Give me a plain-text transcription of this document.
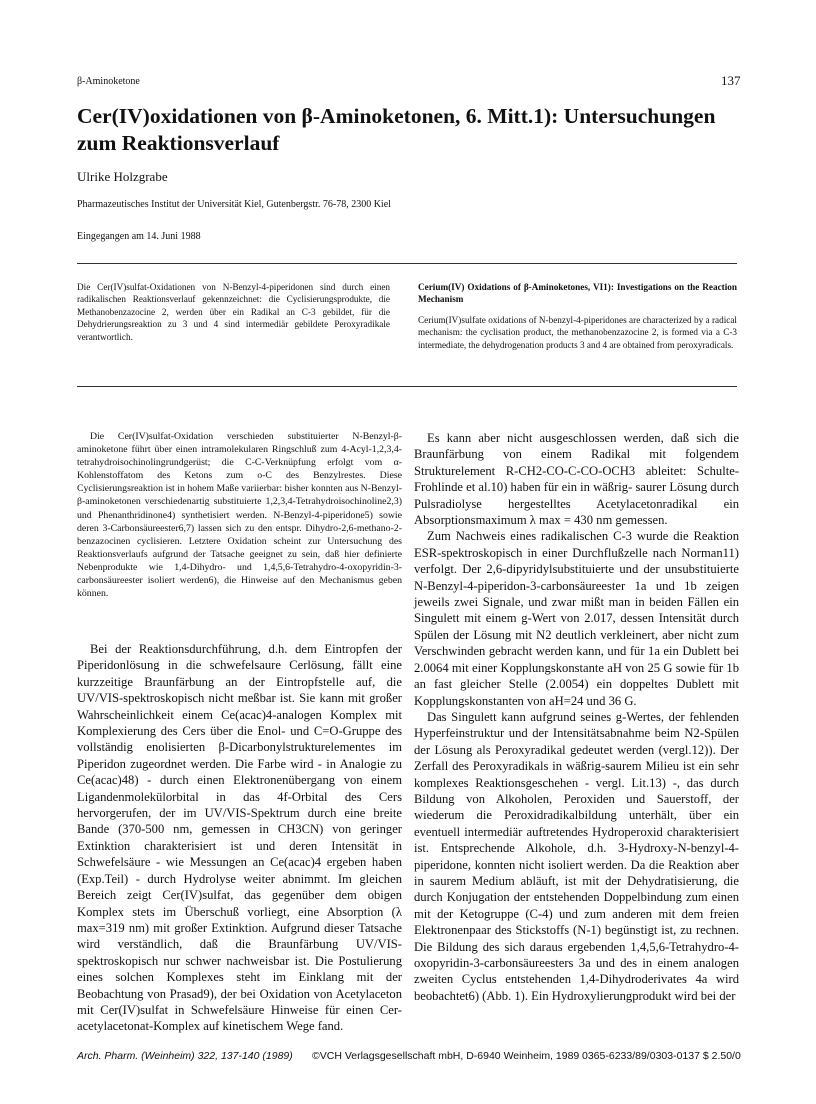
β-Aminoketone	137
Cer(IV)oxidationen von β-Aminoketonen, 6. Mitt.1): Untersuchungen zum Reaktionsverlauf
Ulrike Holzgrabe
Pharmazeutisches Institut der Universität Kiel, Gutenbergstr. 76-78, 2300 Kiel
Eingegangen am 14. Juni 1988
Die Cer(IV)sulfat-Oxidationen von N-Benzyl-4-piperidonen sind durch einen radikalischen Reaktionsverlauf gekennzeichnet: die Cyclisierungsprodukte, die Methanobenzazocine 2, werden über ein Radikal an C-3 gebildet, für die Dehydrierungsreaktion zu 3 und 4 sind intermediär gebildete Peroxyradikale verantwortlich.

Cerium(IV) Oxidations of β-Aminoketones, VI1): Investigations on the Reaction Mechanism

Cerium(IV)sulfate oxidations of N-benzyl-4-piperidones are characterized by a radical mechanism: the cyclisation product, the methanobenzazocine 2, is formed via a C-3 intermediate, the dehydrogenation products 3 and 4 are obtained from peroxyradicals.

Die Cer(IV)sulfat-Oxidation verschieden substituierter N-Benzyl-β-aminoketone führt über einen intramolekularen Ringschluß zum 4-Acyl-1,2,3,4-tetrahydroisochinolingrundgerüst; die C-C-Verknüpfung erfolgt vom α-Kohlenstoffatom des Ketons zum o-C des Benzylrestes. Diese Cyclisierungsreaktion ist in hohem Maße variierbar: bisher konnten aus N-Benzyl-β-aminoketonen verschiedenartig substituierte 1,2,3,4-Tetrahydroisochinoline2,3) und Phenanthridinone4) synthetisiert werden. N-Benzyl-4-piperidone5) sowie deren 3-Carbonsäureester6,7) lassen sich zu den entspr. Dihydro-2,6-methano-2-benzazocinen cyclisieren. Letztere Oxidation scheint zur Untersuchung des Reaktionsverlaufs aufgrund der Tatsache geeignet zu sein, daß hier definierte Nebenprodukte wie 1,4-Dihydro- und 1,4,5,6-Tetrahydro-4-oxopyridin-3-carbonsäureester isoliert werden6), die Hinweise auf den Mechanismus geben können.

Bei der Reaktionsdurchführung, d.h. dem Eintropfen der Piperidonlösung in die schwefelsaure Cerlösung, fällt eine kurzzeitige Braunfärbung an der Eintropfstelle auf, die UV/VIS-spektroskopisch nicht meßbar ist. Sie kann mit großer Wahrscheinlichkeit einem Ce(acac)4-analogen Komplex mit Komplexierung des Cers über die Enol- und C=O-Gruppe des vollständig enolisierten β-Dicarbonylstrukturelementes im Piperidon zugeordnet werden. Die Farbe wird - in Analogie zu Ce(acac)48) - durch einen Elektronenübergang von einem Ligandenmolekülorbital in das 4f-Orbital des Cers hervorgerufen, der im UV/VIS-Spektrum durch eine breite Bande (370-500 nm, gemessen in CH3CN) von geringer Extinktion charakterisiert ist und deren Intensität in Schwefelsäure - wie Messungen an Ce(acac)4 ergeben haben (Exp.Teil) - durch Hydrolyse weiter abnimmt. Im gleichen Bereich zeigt Cer(IV)sulfat, das gegenüber dem obigen Komplex stets im Überschuß vorliegt, eine Absorption (λ max=319 nm) mit großer Extinktion. Aufgrund dieser Tatsache wird verständlich, daß die Braunfärbung UV/VIS-spektroskopisch nur schwer nachweisbar ist. Die Postulierung eines solchen Komplexes steht im Einklang mit der Beobachtung von Prasad9), der bei Oxidation von Acetylaceton mit Cer(IV)sulfat in Schwefelsäure Hinweise für einen Cer-acetylacetonat-Komplex auf kinetischem Wege fand.

Es kann aber nicht ausgeschlossen werden, daß sich die Braunfärbung von einem Radikal mit folgendem Strukturelement R-CH2-CO-C-CO-OCH3 ableitet: Schulte-Frohlinde et al.10) haben für ein in wäßrig- saurer Lösung durch Pulsradiolyse hergestelltes Acetylacetonradikal ein Absorptionsmaximum λ max = 430 nm gemessen.

Zum Nachweis eines radikalischen C-3 wurde die Reaktion ESR-spektroskopisch in einer Durchflußzelle nach Norman11) verfolgt. Der 2,6-dipyridylsubstituierte und der unsubstituierte N-Benzyl-4-piperidon-3-carbonsäureester 1a und 1b zeigen jeweils zwei Signale, und zwar mißt man in beiden Fällen ein Singulett mit einem g-Wert von 2.017, dessen Intensität durch Spülen der Lösung mit N2 deutlich verkleinert, aber nicht zum Verschwinden gebracht werden kann, und für 1a ein Dublett bei 2.0064 mit einer Kopplungskonstante aH von 25 G sowie für 1b an fast gleicher Stelle (2.0054) ein doppeltes Dublett mit Kopplungskonstanten von aH=24 und 36 G.

Das Singulett kann aufgrund seines g-Wertes, der fehlenden Hyperfeinstruktur und der Intensitätsabnahme beim N2-Spülen der Lösung als Peroxyradikal gedeutet werden (vergl.12)). Der Zerfall des Peroxyradikals in wäßrig-saurem Milieu ist ein sehr komplexes Reaktionsgeschehen - vergl. Lit.13) -, das durch Bildung von Alkoholen, Peroxiden und Sauerstoff, der wiederum die Peroxidradikalbildung unterhält, über ein eventuell intermediär auftretendes Hydroperoxid charakterisiert ist. Entsprechende Alkohole, d.h. 3-Hydroxy-N-benzyl-4-piperidone, konnten nicht isoliert werden. Da die Reaktion aber in saurem Medium abläuft, ist mit der Dehydratisierung, die durch Konjugation der entstehenden Doppelbindung zum einen mit der Ketogruppe (C-4) und zum anderen mit dem freien Elektronenpaar des Stickstoffs (N-1) begünstigt ist, zu rechnen. Die Bildung des sich daraus ergebenden 1,4,5,6-Tetrahydro-4-oxopyridin-3-carbonsäureesters 3a und des in einem analogen zweiten Cyclus entstehenden 1,4-Dihydroderivates 4a wird beobachtet6) (Abb. 1). Ein Hydroxylierungprodukt wird bei der

Arch. Pharm. (Weinheim) 322, 137-140 (1989) ©VCH Verlagsgesellschaft mbH, D-6940 Weinheim, 1989 0365-6233/89/0303-0137 $ 2.50/0
